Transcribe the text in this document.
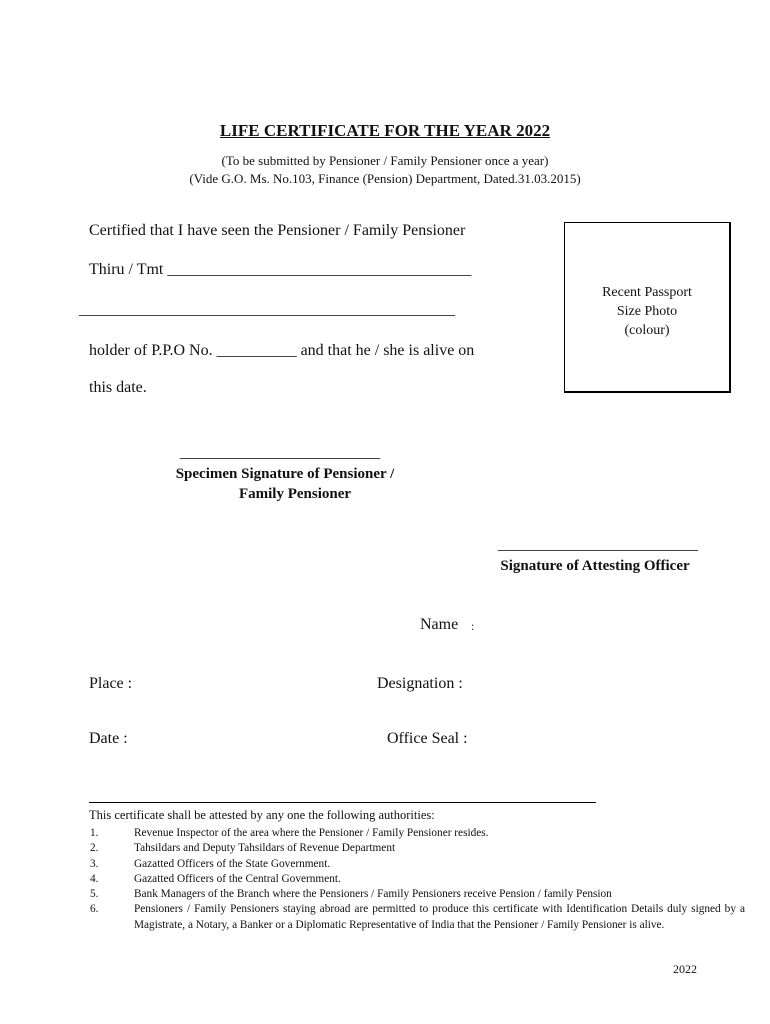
LIFE CERTIFICATE FOR THE YEAR 2022
(To be submitted by Pensioner / Family Pensioner once a year)
(Vide G.O. Ms. No.103, Finance (Pension) Department, Dated.31.03.2015)
Certified that I have seen the Pensioner / Family Pensioner
Thiru / Tmt ______________________________________
_______________________________________________
holder of P.P.O No. __________ and that he / she is alive on
this date.
Recent Passport
Size Photo
(colour)
_________________________
Specimen Signature of Pensioner /
Family Pensioner
_________________________
Signature of Attesting Officer
Name :
Place :	Designation :
Date :	Office Seal :
This certificate shall be attested by any one the following authorities:
1.	Revenue Inspector of the area where the Pensioner / Family Pensioner resides.
2.	Tahsildars and Deputy Tahsildars of Revenue Department
3.	Gazatted Officers of the State Government.
4.	Gazatted Officers of the Central Government.
5.	Bank Managers of the Branch where the Pensioners / Family Pensioners receive Pension / family Pension
6.	Pensioners / Family Pensioners staying abroad are permitted to produce this certificate with Identification Details duly signed by a Magistrate, a Notary, a Banker or a Diplomatic Representative of India that the Pensioner / Family Pensioner is alive.
2022
